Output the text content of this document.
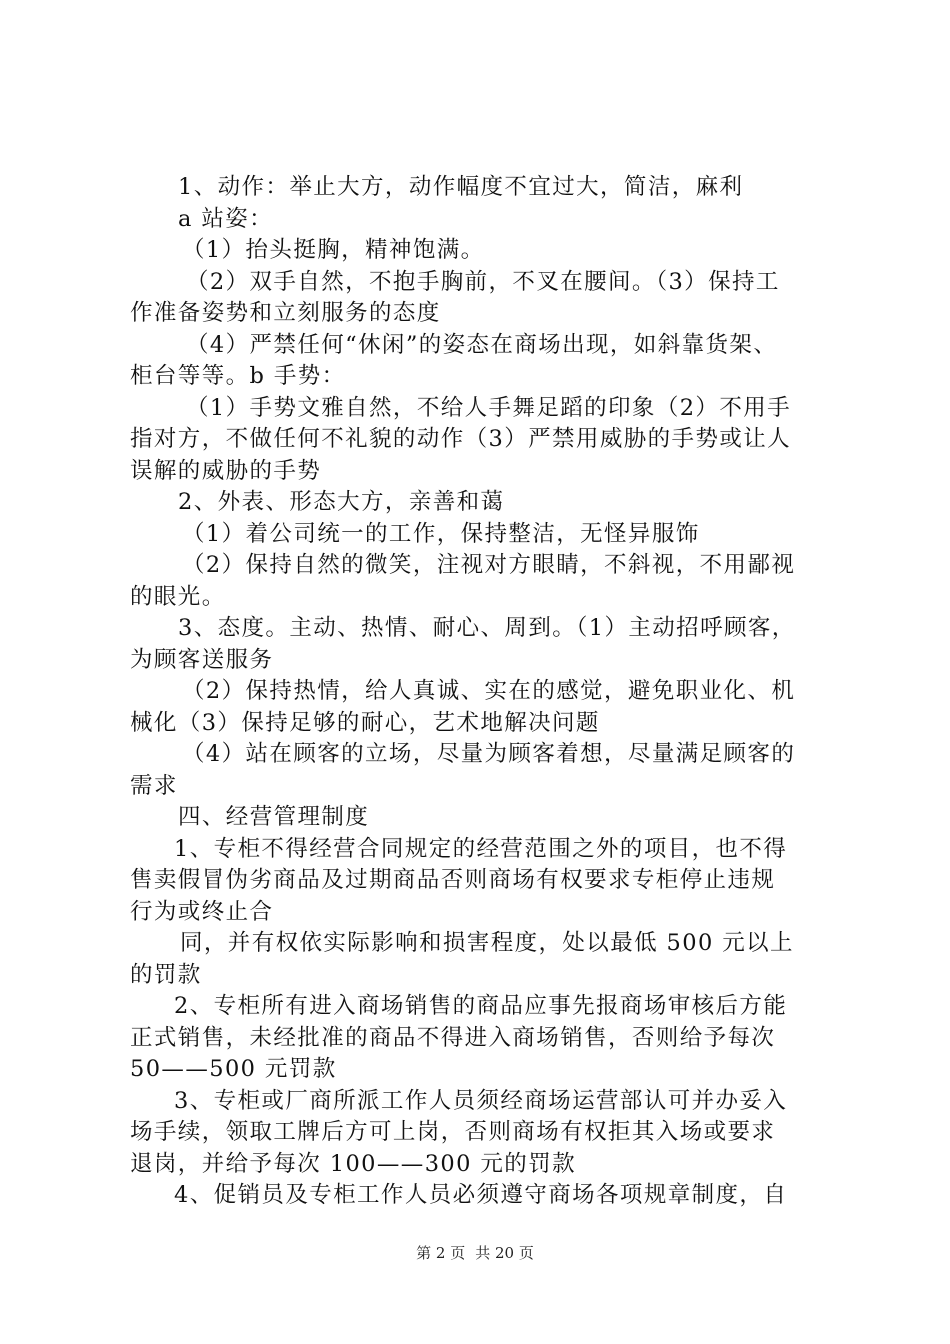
1、动作：举止大方，动作幅度不宜过大，简洁，麻利

a 站姿：

（1）抬头挺胸，精神饱满。

（2）双手自然，不抱手胸前，不叉在腰间。（3）保持工

作准备姿势和立刻服务的态度

（4）严禁任何“休闲”的姿态在商场出现，如斜靠货架、

柜台等等。b 手势：

（1）手势文雅自然，不给人手舞足蹈的印象（2）不用手

指对方，不做任何不礼貌的动作（3）严禁用威胁的手势或让人

误解的威胁的手势

2、外表、形态大方，亲善和蔼

（1）着公司统一的工作，保持整洁，无怪异服饰

（2）保持自然的微笑，注视对方眼睛，不斜视，不用鄙视

的眼光。

3、态度。主动、热情、耐心、周到。（1）主动招呼顾客，

为顾客送服务

（2）保持热情，给人真诚、实在的感觉，避免职业化、机

械化（3）保持足够的耐心，艺术地解决问题

（4）站在顾客的立场，尽量为顾客着想，尽量满足顾客的

需求

四、经营管理制度

1、专柜不得经营合同规定的经营范围之外的项目，也不得

售卖假冒伪劣商品及过期商品否则商场有权要求专柜停止违规

行为或终止合

同，并有权依实际影响和损害程度，处以最低 500 元以上

的罚款

2、专柜所有进入商场销售的商品应事先报商场审核后方能

正式销售，未经批准的商品不得进入商场销售，否则给予每次

50——500 元罚款

3、专柜或厂商所派工作人员须经商场运营部认可并办妥入

场手续，领取工牌后方可上岗，否则商场有权拒其入场或要求

退岗，并给予每次 100——300 元的罚款

4、促销员及专柜工作人员必须遵守商场各项规章制度，自

第 2 页 共 20 页
